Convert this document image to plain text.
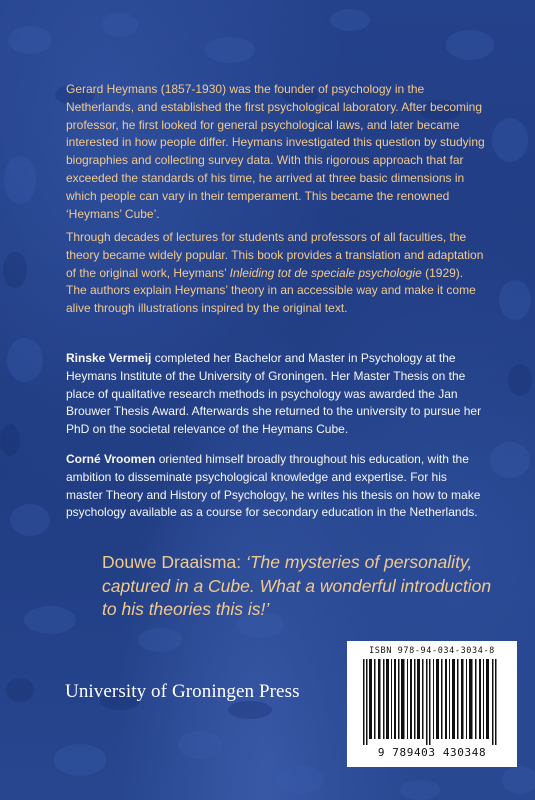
Gerard Heymans (1857-1930) was the founder of psychology in the Netherlands, and established the first psychological laboratory. After becoming professor, he first looked for general psychological laws, and later became interested in how people differ. Heymans investigated this question by studying biographies and collecting survey data. With this rigorous approach that far exceeded the standards of his time, he arrived at three basic dimensions in which people can vary in their temperament. This became the renowned ‘Heymans’ Cube’.

Through decades of lectures for students and professors of all faculties, the theory became widely popular. This book provides a translation and adaptation of the original work, Heymans’ Inleiding tot de speciale psychologie (1929). The authors explain Heymans’ theory in an accessible way and make it come alive through illustrations inspired by the original text.

Rinske Vermeij completed her Bachelor and Master in Psychology at the Heymans Institute of the University of Groningen. Her Master Thesis on the place of qualitative research methods in psychology was awarded the Jan Brouwer Thesis Award. Afterwards she returned to the university to pursue her PhD on the societal relevance of the Heymans Cube.

Corné Vroomen oriented himself broadly throughout his education, with the ambition to disseminate psychological knowledge and expertise. For his master Theory and History of Psychology, he writes his thesis on how to make psychology available as a course for secondary education in the Netherlands.

Douwe Draaisma: ‘The mysteries of personality, captured in a Cube. What a wonderful introduction to his theories this is!’

University of Groningen Press
ISBN 978-94-034-3034-8
9 789403 430348
